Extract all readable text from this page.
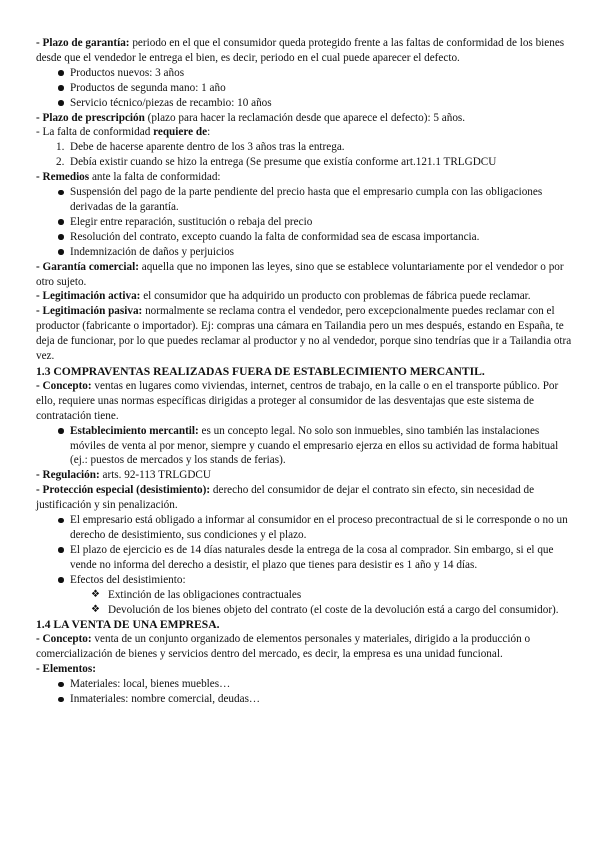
- Plazo de garantía: periodo en el que el consumidor queda protegido frente a las faltas de conformidad de los bienes desde que el vendedor le entrega el bien, es decir, periodo en el cual puede aparecer el defecto.

Productos nuevos: 3 años
Productos de segunda mano: 1 año
Servicio técnico/piezas de recambio: 10 años

- Plazo de prescripción (plazo para hacer la reclamación desde que aparece el defecto): 5 años.

- La falta de conformidad requiere de:

1. Debe de hacerse aparente dentro de los 3 años tras la entrega.
2. Debía existir cuando se hizo la entrega (Se presume que existía conforme art.121.1 TRLGDCU

- Remedios ante la falta de conformidad:

Suspensión del pago de la parte pendiente del precio hasta que el empresario cumpla con las obligaciones derivadas de la garantía.
Elegir entre reparación, sustitución o rebaja del precio
Resolución del contrato, excepto cuando la falta de conformidad sea de escasa importancia.
Indemnización de daños y perjuicios

- Garantía comercial: aquella que no imponen las leyes, sino que se establece voluntariamente por el vendedor o por otro sujeto.

- Legitimación activa: el consumidor que ha adquirido un producto con problemas de fábrica puede reclamar.

- Legitimación pasiva: normalmente se reclama contra el vendedor, pero excepcionalmente puedes reclamar con el productor (fabricante o importador). Ej: compras una cámara en Tailandia pero un mes después, estando en España, te deja de funcionar, por lo que puedes reclamar al productor y no al vendedor, porque sino tendrías que ir a Tailandia otra vez.

1.3 COMPRAVENTAS REALIZADAS FUERA DE ESTABLECIMIENTO MERCANTIL.

- Concepto: ventas en lugares como viviendas, internet, centros de trabajo, en la calle o en el transporte público. Por ello, requiere unas normas específicas dirigidas a proteger al consumidor de las desventajas que este sistema de contratación tiene.

Establecimiento mercantil: es un concepto legal. No solo son inmuebles, sino también las instalaciones móviles de venta al por menor, siempre y cuando el empresario ejerza en ellos su actividad de forma habitual (ej.: puestos de mercados y los stands de ferias).

- Regulación: arts. 92-113 TRLGDCU

- Protección especial (desistimiento): derecho del consumidor de dejar el contrato sin efecto, sin necesidad de justificación y sin penalización.

El empresario está obligado a informar al consumidor en el proceso precontractual de si le corresponde o no un derecho de desistimiento, sus condiciones y el plazo.
El plazo de ejercicio es de 14 días naturales desde la entrega de la cosa al comprador. Sin embargo, si el que vende no informa del derecho a desistir, el plazo que tienes para desistir es 1 año y 14 días.
Efectos del desistimiento:
❖ Extinción de las obligaciones contractuales
❖ Devolución de los bienes objeto del contrato (el coste de la devolución está a cargo del consumidor).
1.4 LA VENTA DE UNA EMPRESA.

- Concepto: venta de un conjunto organizado de elementos personales y materiales, dirigido a la producción o comercialización de bienes y servicios dentro del mercado, es decir, la empresa es una unidad funcional.

- Elementos:

Materiales: local, bienes muebles…
Inmateriales: nombre comercial, deudas…
